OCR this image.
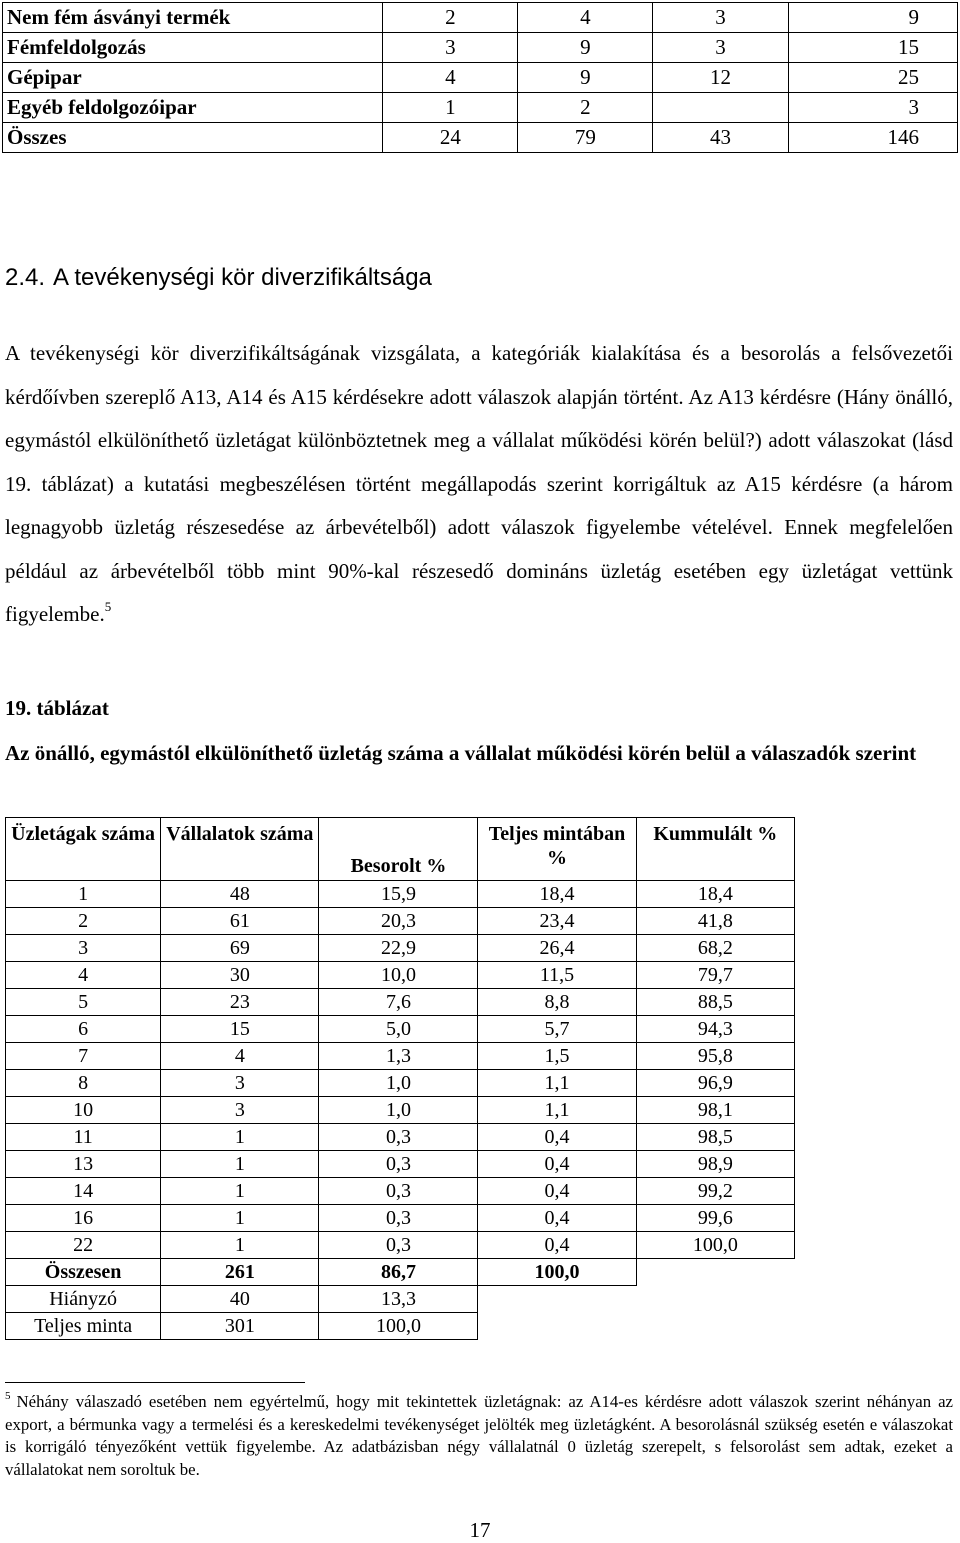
Nem fém ásványi termék	2	4	3	9
Fémfeldolgozás	3	9	3	15
Gépipar	4	9	12	25
Egyéb feldolgozóipar	1	2		3
Összes	24	79	43	146
2.4. A tevékenységi kör diverzifikáltsága
A tevékenységi kör diverzifikáltságának vizsgálata, a kategóriák kialakítása és a besorolás a felsővezetői kérdőívben szereplő A13, A14 és A15 kérdésekre adott válaszok alapján történt. Az A13 kérdésre (Hány önálló, egymástól elkülöníthető üzletágat különböztetnek meg a vállalat működési körén belül?) adott válaszokat (lásd 19. táblázat) a kutatási megbeszélésen történt megállapodás szerint korrigáltuk az A15 kérdésre (a három legnagyobb üzletág részesedése az árbevételből) adott válaszok figyelembe vételével. Ennek megfelelően például az árbevételből több mint 90%-kal részesedő domináns üzletág esetében egy üzletágat vettünk figyelembe.$^5$
19. táblázat
Az önálló, egymástól elkülöníthető üzletág száma a vállalat működési körén belül a válaszadók szerint
Üzletágak száma	Vállalatok száma	Besorolt %	Teljes mintában %	Kummulált %
1	48	15,9	18,4	18,4
2	61	20,3	23,4	41,8
3	69	22,9	26,4	68,2
4	30	10,0	11,5	79,7
5	23	7,6	8,8	88,5
6	15	5,0	5,7	94,3
7	4	1,3	1,5	95,8
8	3	1,0	1,1	96,9
10	3	1,0	1,1	98,1
11	1	0,3	0,4	98,5
13	1	0,3	0,4	98,9
14	1	0,3	0,4	99,2
16	1	0,3	0,4	99,6
22	1	0,3	0,4	100,0
Összesen	261	86,7	100,0	
Hiányzó	40	13,3		
Teljes minta	301	100,0		
$^5$ Néhány válaszadó esetében nem egyértelmű, hogy mit tekintettek üzletágnak: az A14-es kérdésre adott válaszok szerint néhányan az export, a bérmunka vagy a termelési és a kereskedelmi tevékenységet jelölték meg üzletágként. A besorolásnál szükség esetén e válaszokat is korrigáló tényezőként vettük figyelembe. Az adatbázisban négy vállalatnál 0 üzletág szerepelt, s felsorolást sem adtak, ezeket a vállalatokat nem soroltuk be.
17
